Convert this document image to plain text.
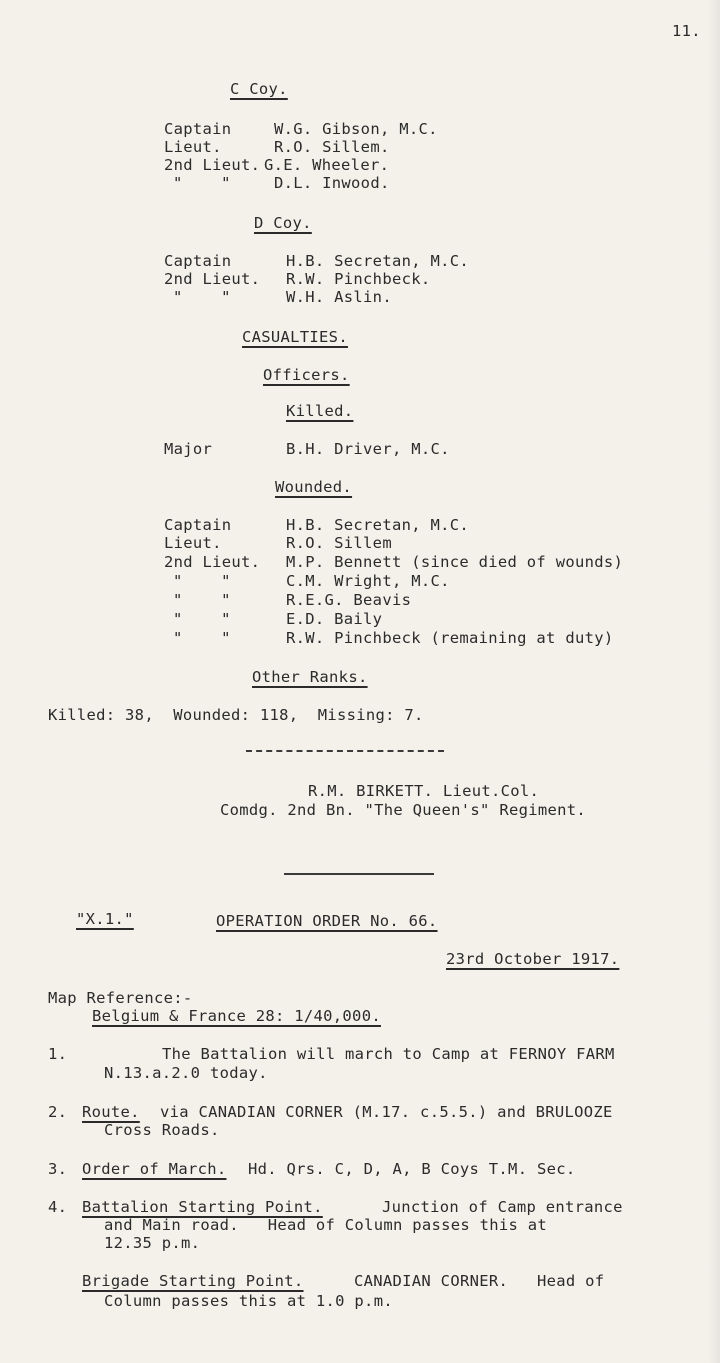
11.
C Coy.
Captain	W.G. Gibson, M.C.
Lieut.	R.O. Sillem.
2nd Lieut. G.E. Wheeler.
"    "	D.L. Inwood.
D Coy.
Captain	H.B. Secretan, M.C.
2nd Lieut. R.W. Pinchbeck.
"    "	W.H. Aslin.
CASUALTIES.
Officers.
Killed.
Major	B.H. Driver, M.C.
Wounded.
Captain	H.B. Secretan, M.C.
Lieut.	R.O. Sillem
2nd Lieut. M.P. Bennett (since died of wounds)
"    "	C.M. Wright, M.C.
"    "	R.E.G. Beavis
"    "	E.D. Baily
"    "	R.W. Pinchbeck (remaining at duty)
Other Ranks.
Killed: 38,  Wounded: 118,  Missing: 7.
R.M. BIRKETT. Lieut.Col.
Comdg. 2nd Bn. "The Queen's" Regiment.
"X.1."	OPERATION ORDER No. 66.
23rd October 1917.
Map Reference:-
Belgium & France 28: 1/40,000.
1.	The Battalion will march to Camp at FERNOY FARM
N.13.a.2.0 today.
2. Route. via CANADIAN CORNER (M.17. c.5.5.) and BRULOOZE
Cross Roads.
3. Order of March. Hd. Qrs. C, D, A, B Coys T.M. Sec.
4. Battalion Starting Point.	Junction of Camp entrance
and Main road.   Head of Column passes this at
12.35 p.m.
Brigade Starting Point.	CANADIAN CORNER.   Head of
Column passes this at 1.0 p.m.
